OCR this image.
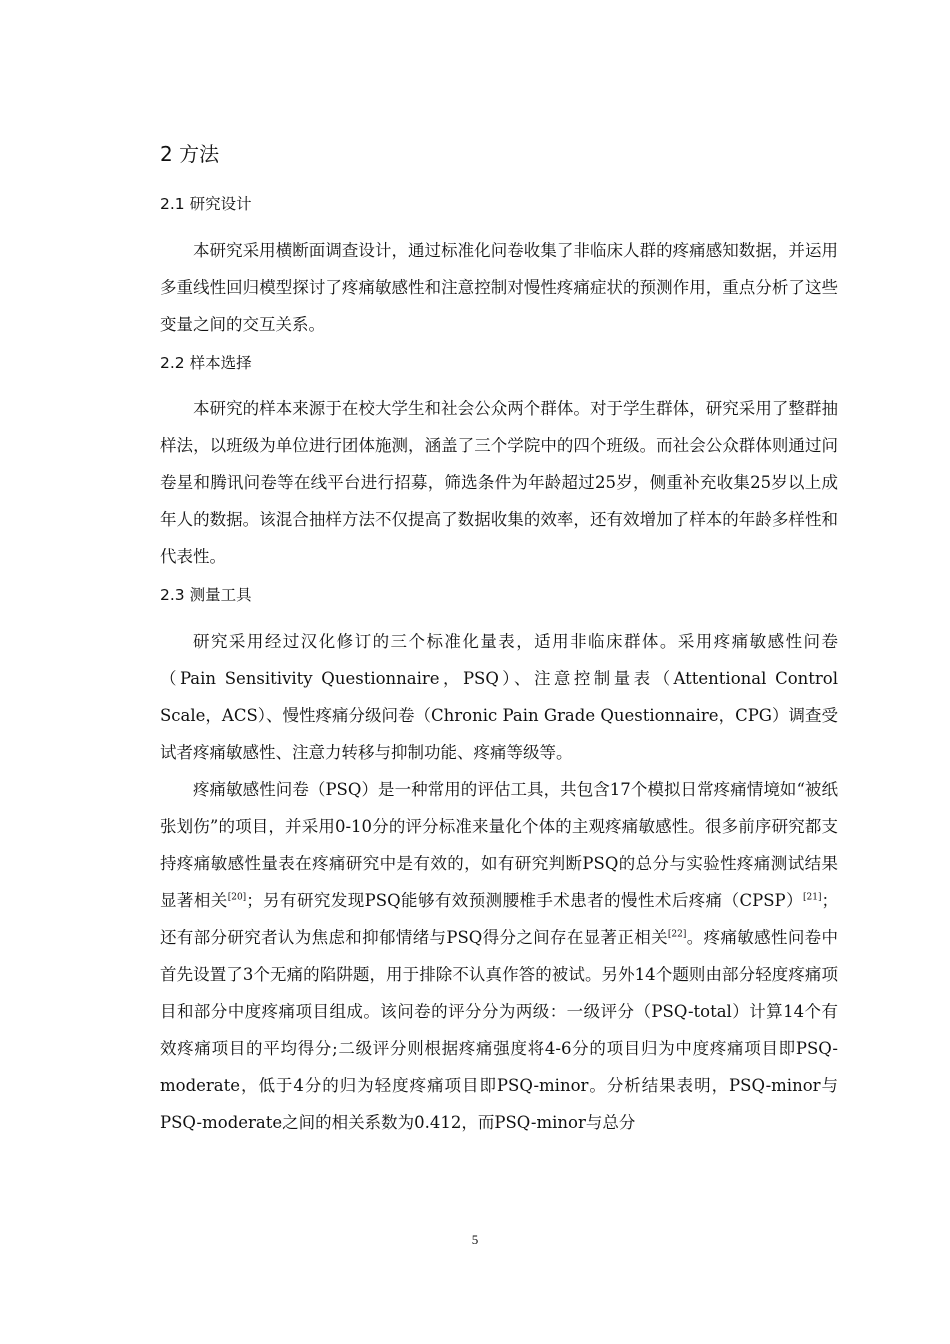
2 方法
2.1 研究设计

本研究采用横断面调查设计，通过标准化问卷收集了非临床人群的疼痛感知数据，并运用多重线性回归模型探讨了疼痛敏感性和注意控制对慢性疼痛症状的预测作用，重点分析了这些变量之间的交互关系。

2.2 样本选择

本研究的样本来源于在校大学生和社会公众两个群体。对于学生群体，研究采用了整群抽样法，以班级为单位进行团体施测，涵盖了三个学院中的四个班级。而社会公众群体则通过问卷星和腾讯问卷等在线平台进行招募，筛选条件为年龄超过25岁，侧重补充收集25岁以上成年人的数据。该混合抽样方法不仅提高了数据收集的效率，还有效增加了样本的年龄多样性和代表性。

2.3 测量工具

研究采用经过汉化修订的三个标准化量表，适用非临床群体。采用疼痛敏感性问卷（Pain Sensitivity Questionnaire，PSQ）、注意控制量表（Attentional Control Scale，ACS）、慢性疼痛分级问卷（Chronic Pain Grade Questionnaire，CPG）调查受试者疼痛敏感性、注意力转移与抑制功能、疼痛等级等。

疼痛敏感性问卷（PSQ）是一种常用的评估工具，共包含17个模拟日常疼痛情境如“被纸张划伤”的项目，并采用0-10分的评分标准来量化个体的主观疼痛敏感性。很多前序研究都支持疼痛敏感性量表在疼痛研究中是有效的，如有研究判断PSQ的总分与实验性疼痛测试结果显著相关[20]；另有研究发现PSQ能够有效预测腰椎手术患者的慢性术后疼痛（CPSP）[21]；还有部分研究者认为焦虑和抑郁情绪与PSQ得分之间存在显著正相关[22]。疼痛敏感性问卷中首先设置了3个无痛的陷阱题，用于排除不认真作答的被试。另外14个题则由部分轻度疼痛项目和部分中度疼痛项目组成。该问卷的评分分为两级：一级评分（PSQ-total）计算14个有效疼痛项目的平均得分;二级评分则根据疼痛强度将4-6分的项目归为中度疼痛项目即PSQ-moderate，低于4分的归为轻度疼痛项目即PSQ-minor。分析结果表明，PSQ-minor与PSQ-moderate之间的相关系数为0.412，而PSQ-minor与总分

5
